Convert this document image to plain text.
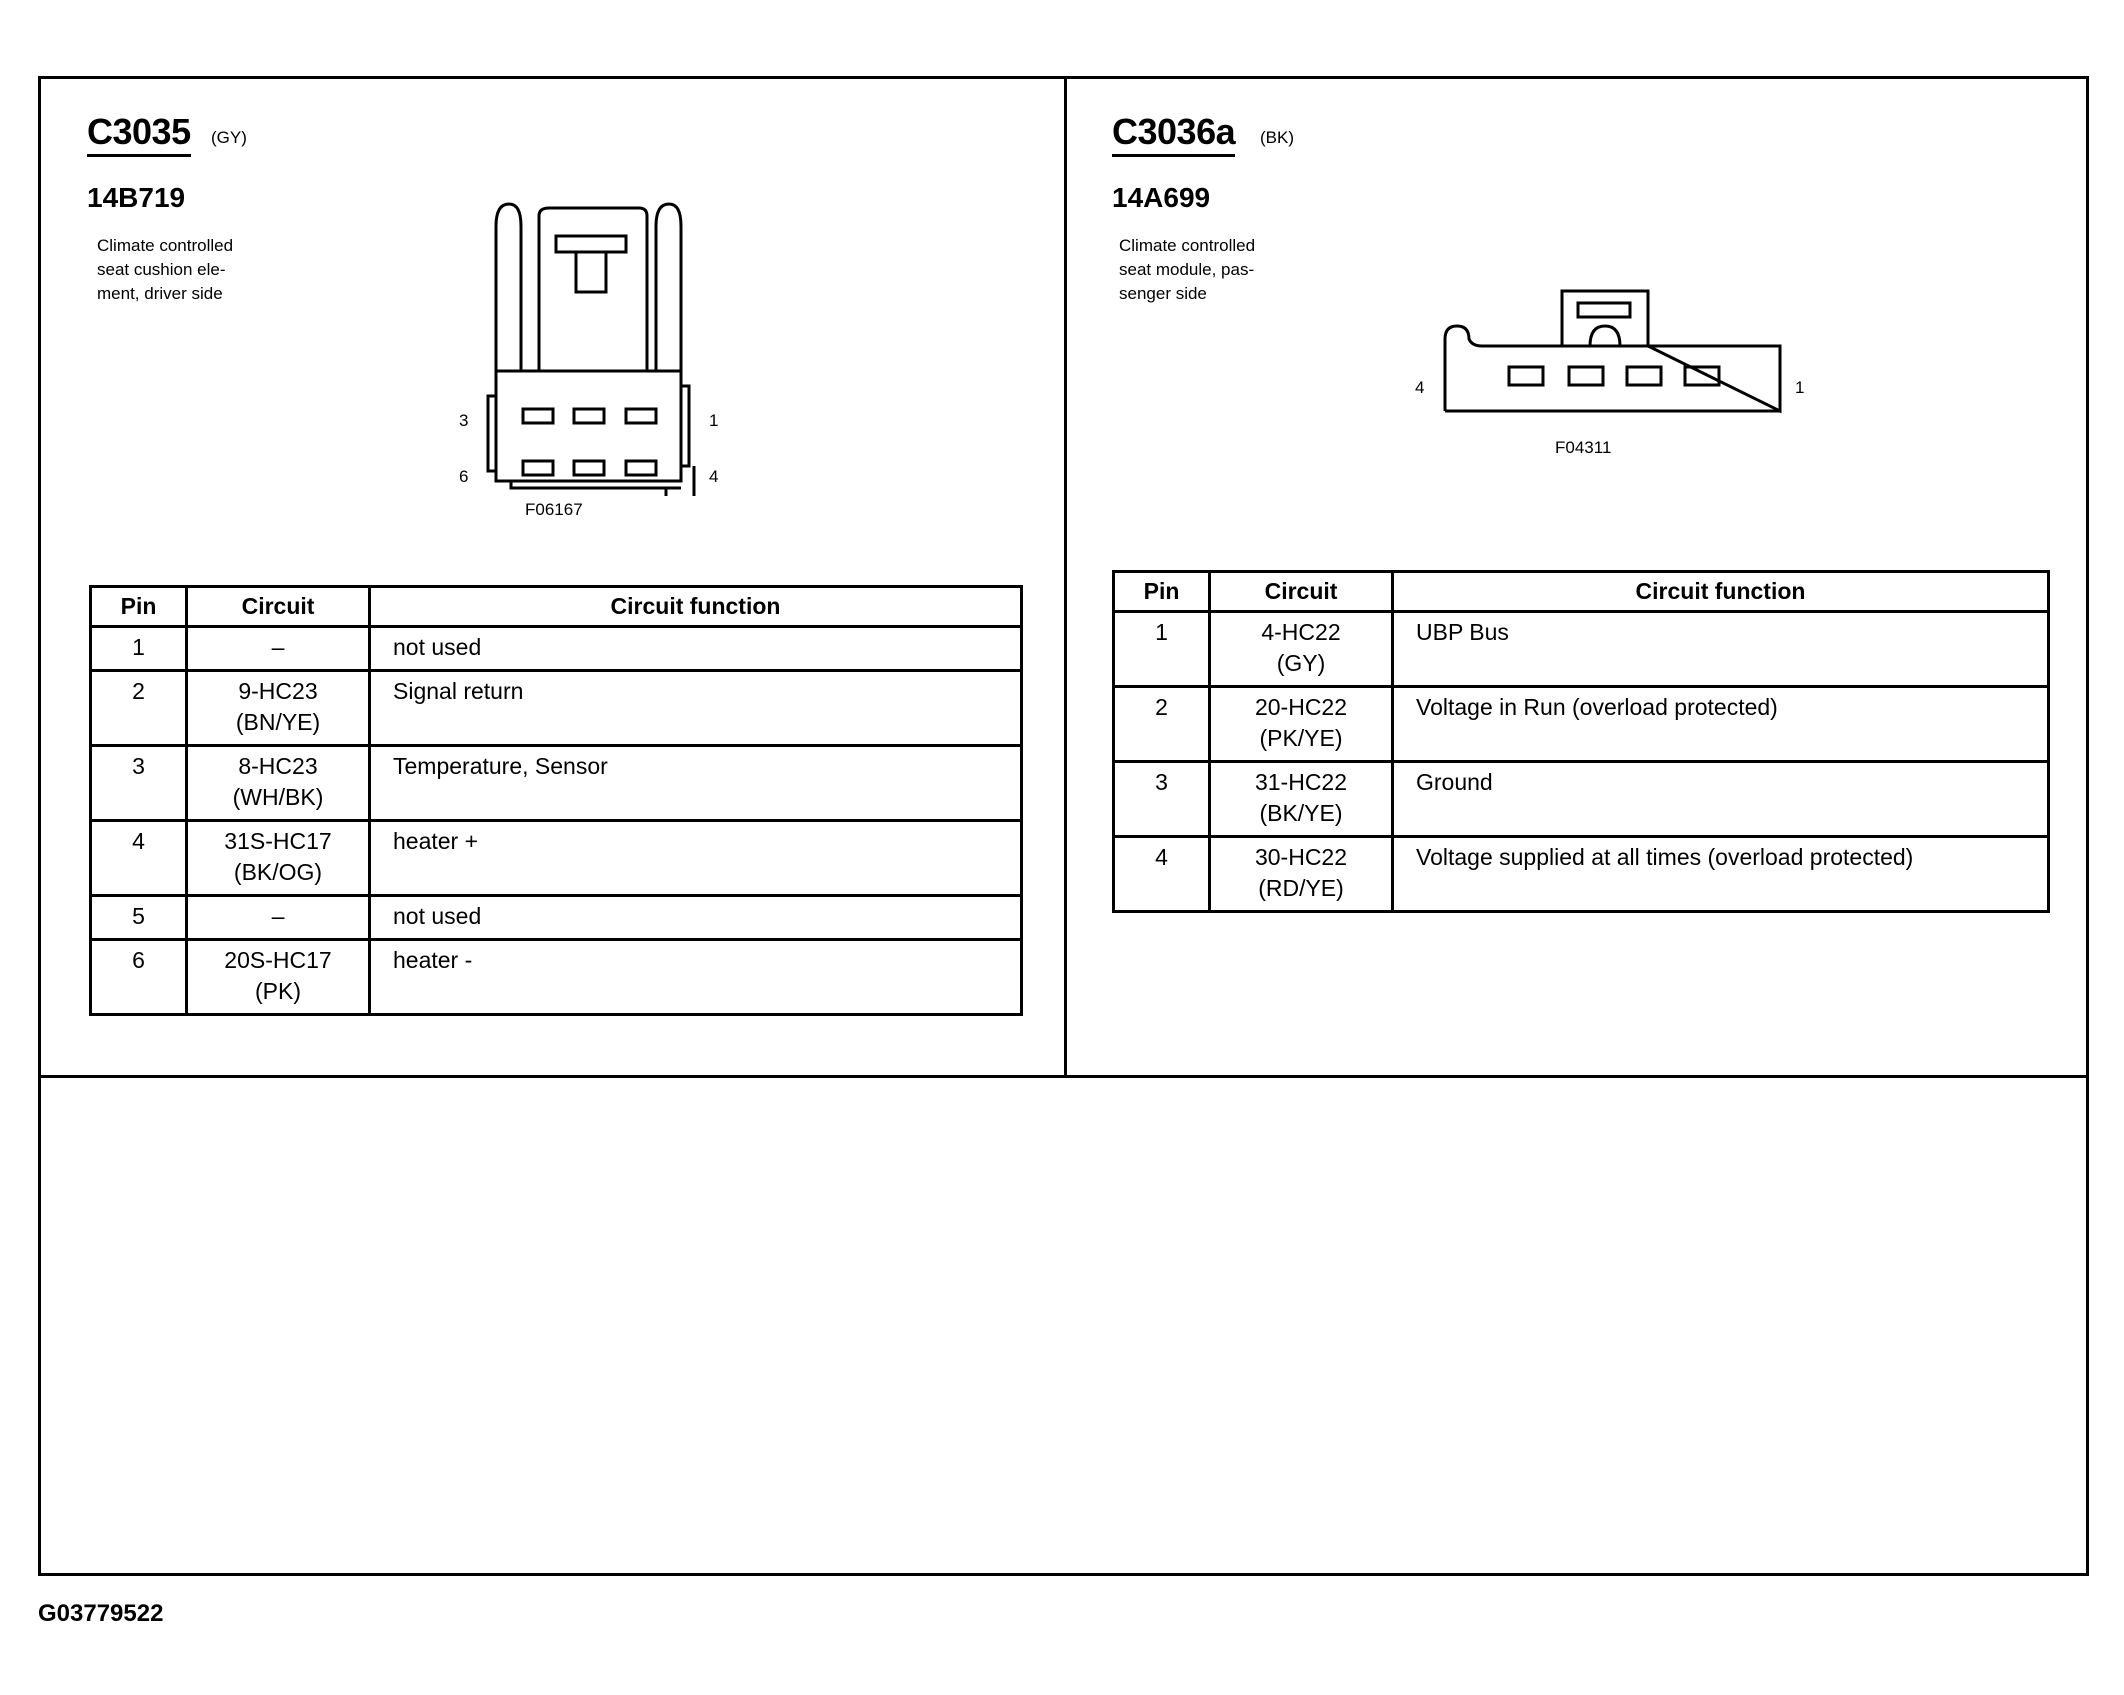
C3035 (GY)
14B719
Climate controlled
seat cushion ele-
ment, driver side
3	1
6	4
F06167
Pin	Circuit	Circuit function
1	–	not used
2	9-HC23
(BN/YE)	Signal return
3	8-HC23
(WH/BK)	Temperature, Sensor
4	31S-HC17
(BK/OG)	heater +
5	–	not used
6	20S-HC17
(PK)	heater -
C3036a (BK)
14A699
Climate controlled
seat module, pas-
senger side
4	1
F04311
Pin	Circuit	Circuit function
1	4-HC22
(GY)	UBP Bus
2	20-HC22
(PK/YE)	Voltage in Run (overload protected)
3	31-HC22
(BK/YE)	Ground
4	30-HC22
(RD/YE)	Voltage supplied at all times (overload protected)
G03779522
